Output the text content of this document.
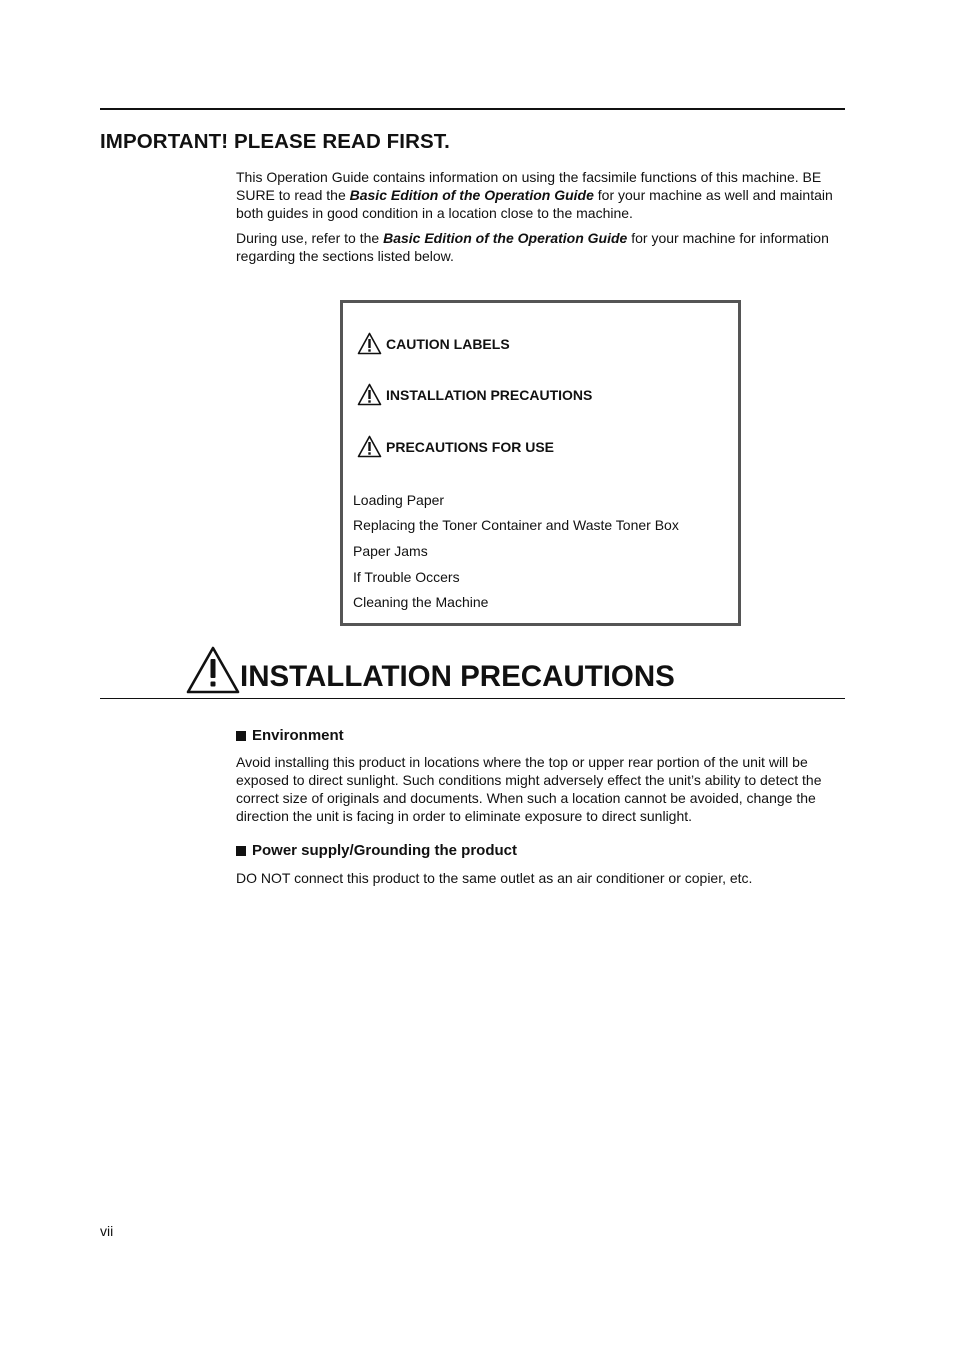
IMPORTANT! PLEASE READ FIRST.

This Operation Guide contains information on using the facsimile functions of this machine. BE SURE to read the Basic Edition of the Operation Guide for your machine as well and maintain both guides in good condition in a location close to the machine.

During use, refer to the Basic Edition of the Operation Guide for your machine for information regarding the sections listed below.

CAUTION LABELS
INSTALLATION PRECAUTIONS
PRECAUTIONS FOR USE
Loading Paper
Replacing the Toner Container and Waste Toner Box
Paper Jams
If Trouble Occers
Cleaning the Machine
INSTALLATION PRECAUTIONS
Environment

Avoid installing this product in locations where the top or upper rear portion of the unit will be exposed to direct sunlight. Such conditions might adversely effect the unit’s ability to detect the correct size of originals and documents. When such a location cannot be avoided, change the direction the unit is facing in order to eliminate exposure to direct sunlight.

Power supply/Grounding the product

DO NOT connect this product to the same outlet as an air conditioner or copier, etc.

vii
